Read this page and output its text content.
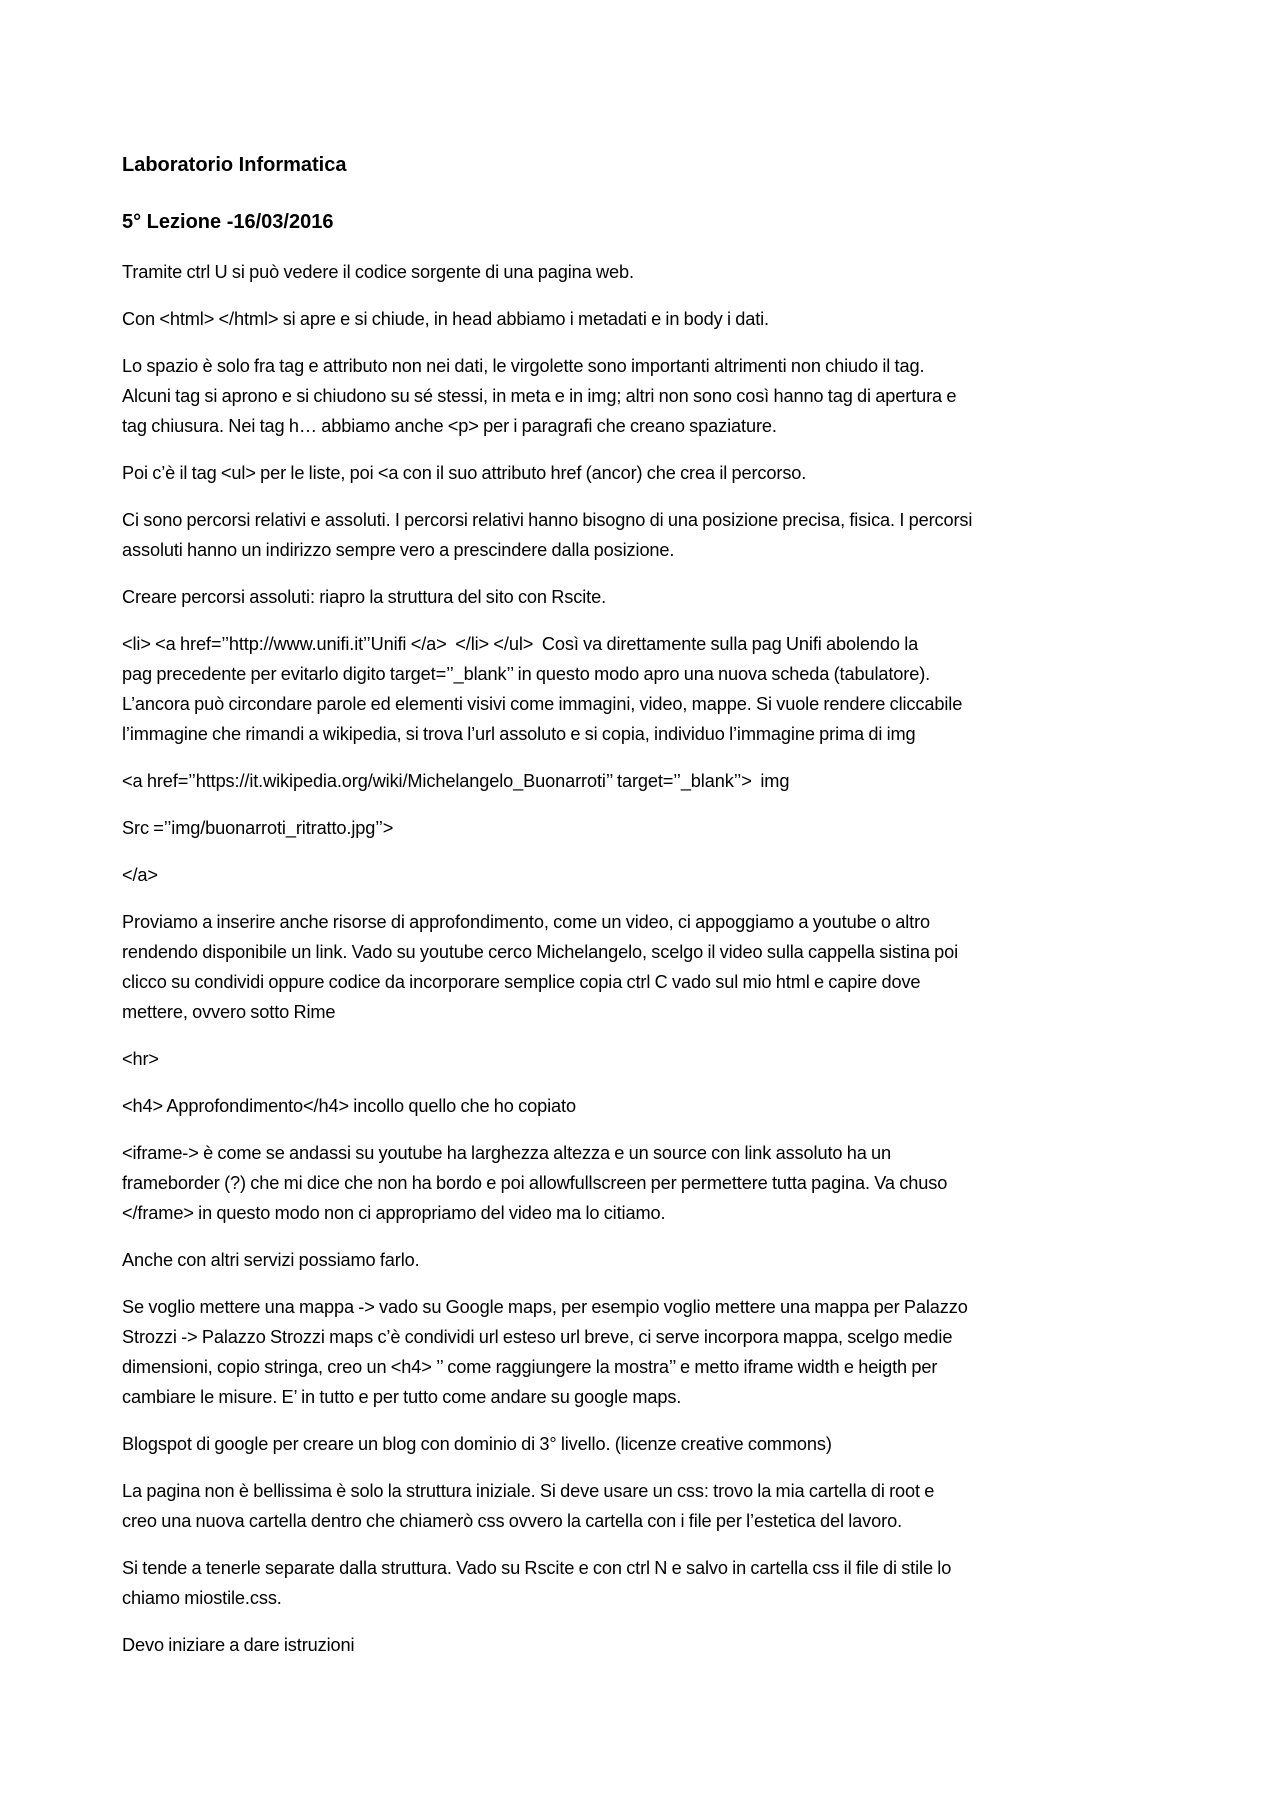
Laboratorio Informatica
5° Lezione -16/03/2016
Tramite ctrl U si può vedere il codice sorgente di una pagina web.
Con <html> </html> si apre e si chiude, in head abbiamo i metadati e in body i dati.
Lo spazio è solo fra tag e attributo non nei dati, le virgolette sono importanti altrimenti non chiudo il tag.
Alcuni tag si aprono e si chiudono su sé stessi, in meta e in img; altri non sono così hanno tag di apertura e
tag chiusura. Nei tag h… abbiamo anche <p> per i paragrafi che creano spaziature.
Poi c’è il tag <ul> per le liste, poi <a con il suo attributo href (ancor) che crea il percorso.
Ci sono percorsi relativi e assoluti. I percorsi relativi hanno bisogno di una posizione precisa, fisica. I percorsi
assoluti hanno un indirizzo sempre vero a prescindere dalla posizione.
Creare percorsi assoluti: riapro la struttura del sito con Rscite.
<li> <a href=’’http://www.unifi.it’’Unifi </a>  </li> </ul>  Così va direttamente sulla pag Unifi abolendo la
pag precedente per evitarlo digito target=’’_blank’’ in questo modo apro una nuova scheda (tabulatore).
L’ancora può circondare parole ed elementi visivi come immagini, video, mappe. Si vuole rendere cliccabile
l’immagine che rimandi a wikipedia, si trova l’url assoluto e si copia, individuo l’immagine prima di img
<a href=’’https://it.wikipedia.org/wiki/Michelangelo_Buonarroti’’ target=’’_blank’’>  img
Src =’’img/buonarroti_ritratto.jpg’’>
</a>
Proviamo a inserire anche risorse di approfondimento, come un video, ci appoggiamo a youtube o altro
rendendo disponibile un link. Vado su youtube cerco Michelangelo, scelgo il video sulla cappella sistina poi
clicco su condividi oppure codice da incorporare semplice copia ctrl C vado sul mio html e capire dove
mettere, ovvero sotto Rime
<hr>
<h4> Approfondimento</h4> incollo quello che ho copiato
<iframe-> è come se andassi su youtube ha larghezza altezza e un source con link assoluto ha un
frameborder (?) che mi dice che non ha bordo e poi allowfullscreen per permettere tutta pagina. Va chuso
</frame> in questo modo non ci appropriamo del video ma lo citiamo.
Anche con altri servizi possiamo farlo.
Se voglio mettere una mappa -> vado su Google maps, per esempio voglio mettere una mappa per Palazzo
Strozzi -> Palazzo Strozzi maps c’è condividi url esteso url breve, ci serve incorpora mappa, scelgo medie
dimensioni, copio stringa, creo un <h4> ’’ come raggiungere la mostra’’ e metto iframe width e heigth per
cambiare le misure. E’ in tutto e per tutto come andare su google maps.
Blogspot di google per creare un blog con dominio di 3° livello. (licenze creative commons)
La pagina non è bellissima è solo la struttura iniziale. Si deve usare un css: trovo la mia cartella di root e
creo una nuova cartella dentro che chiamerò css ovvero la cartella con i file per l’estetica del lavoro.
Si tende a tenerle separate dalla struttura. Vado su Rscite e con ctrl N e salvo in cartella css il file di stile lo
chiamo miostile.css.
Devo iniziare a dare istruzioni
